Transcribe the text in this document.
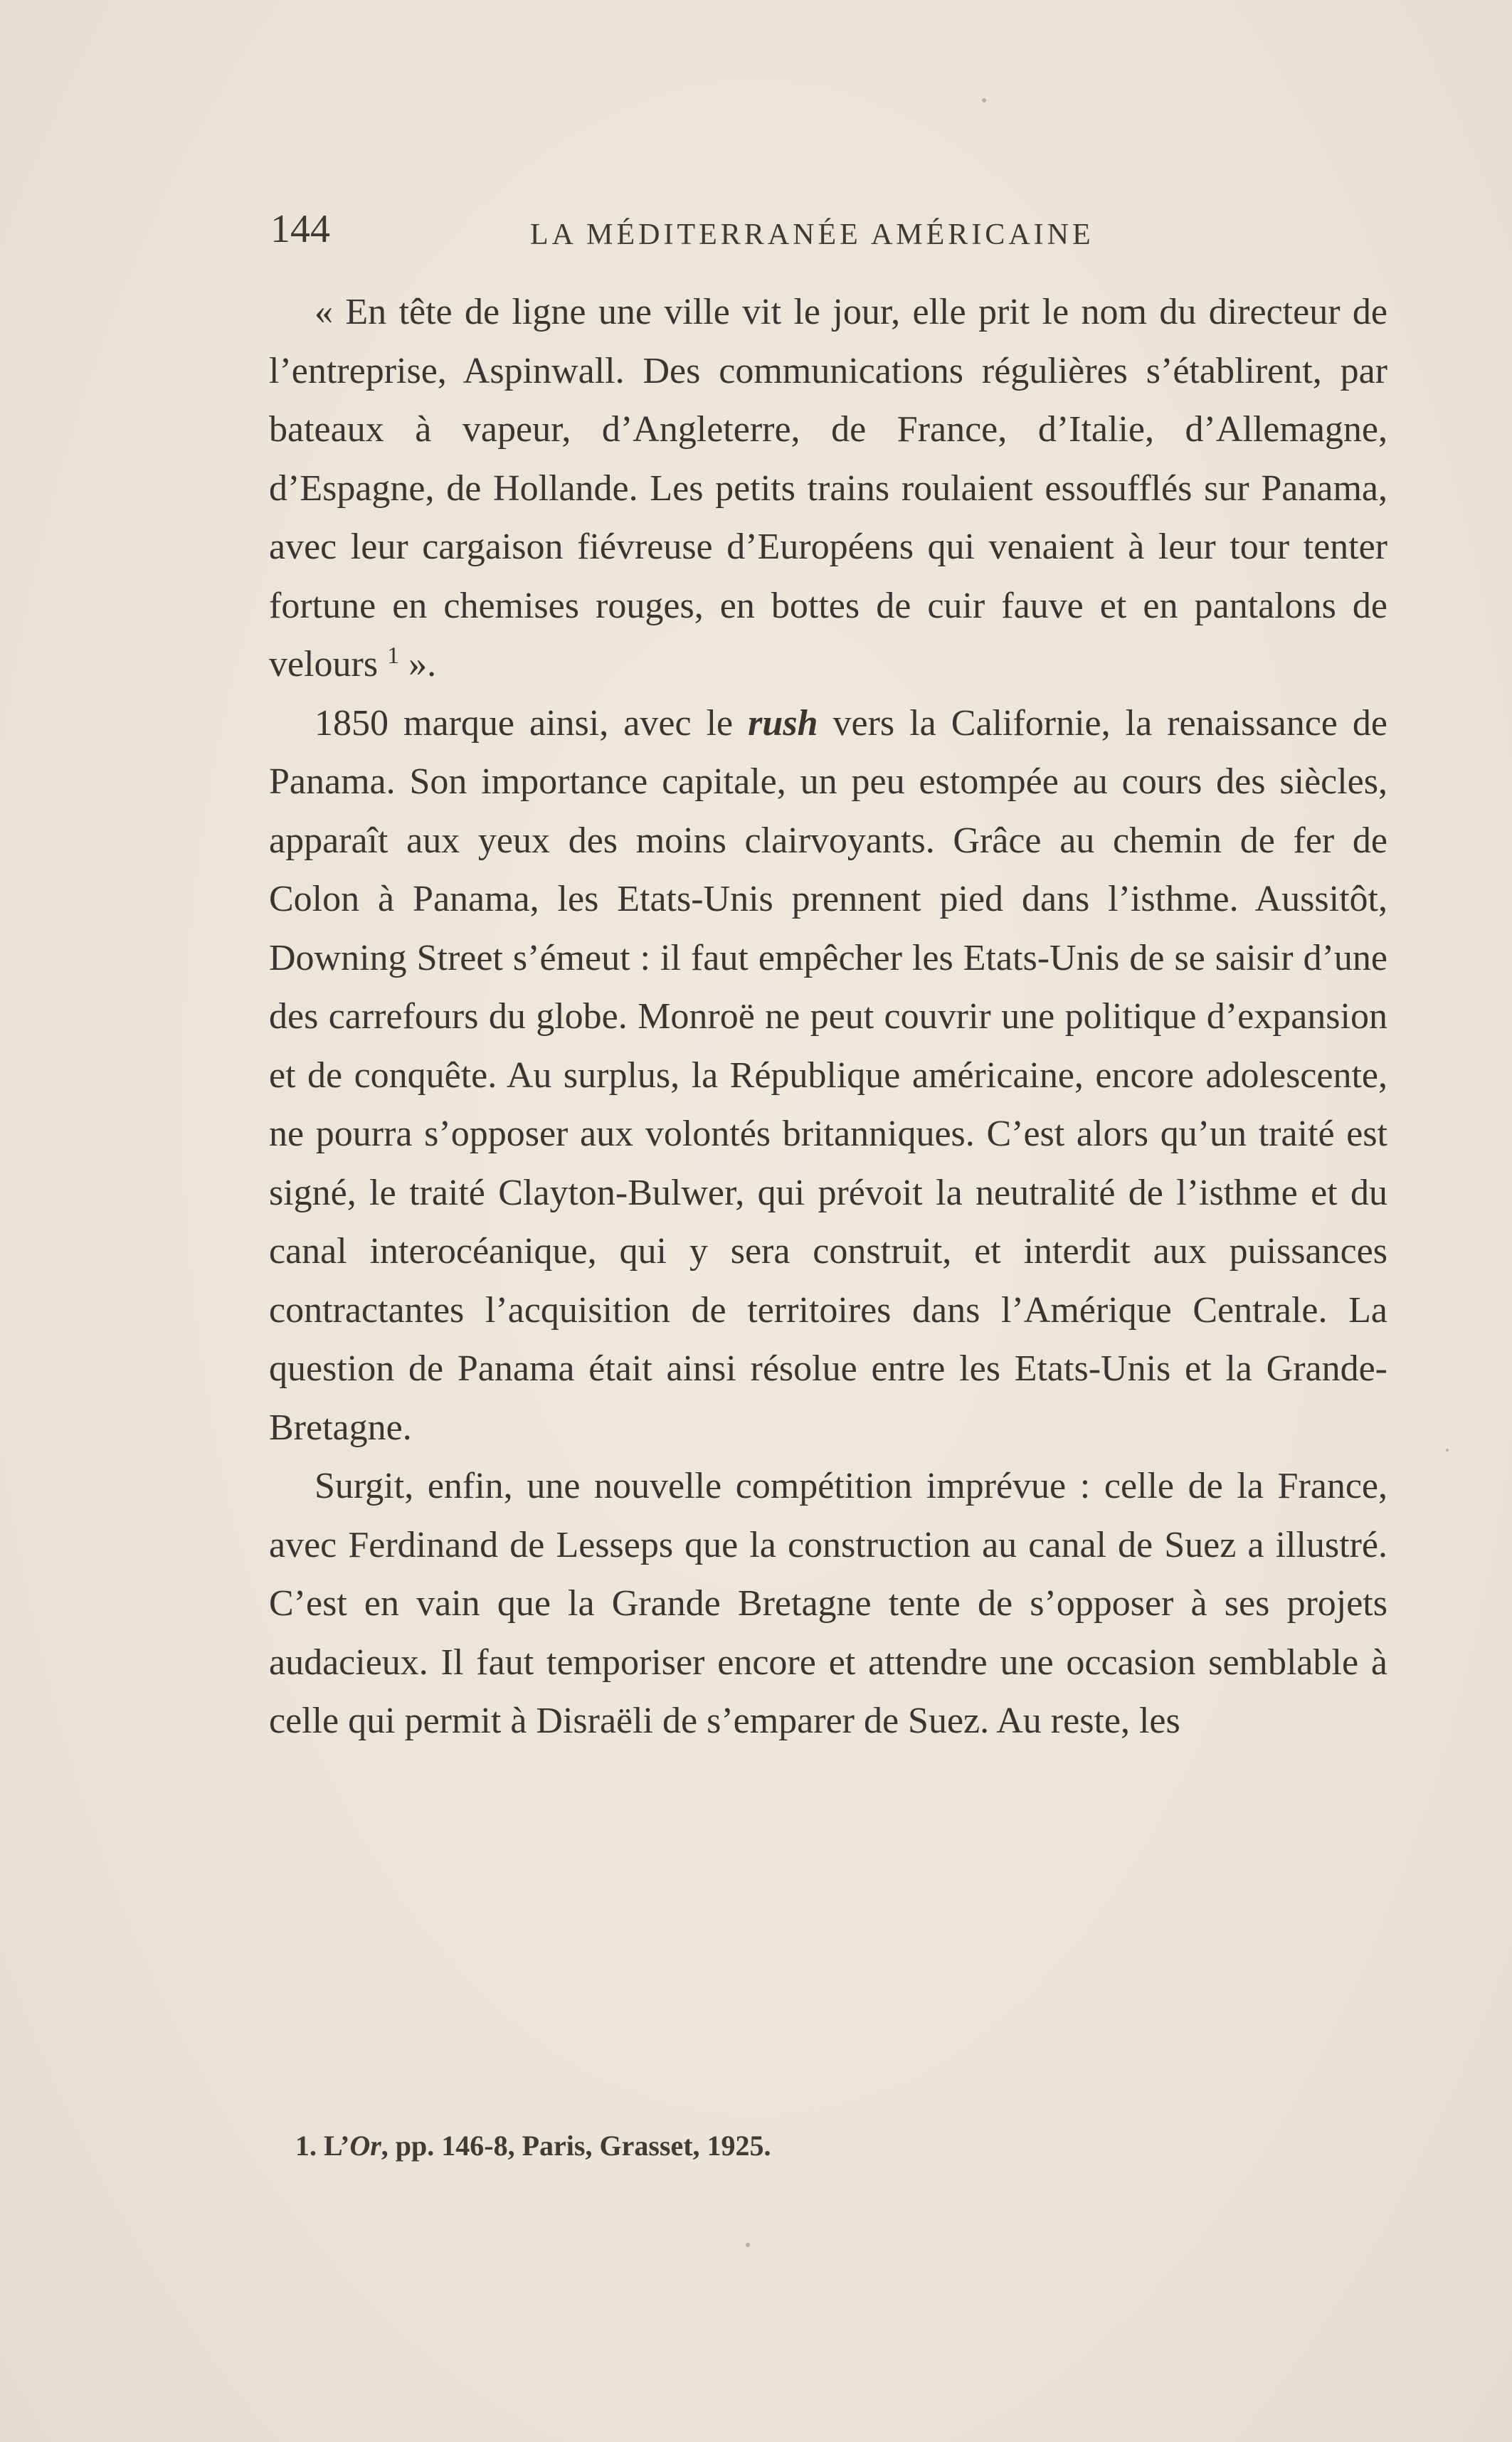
144	LA MÉDITERRANÉE AMÉRICAINE

« En tête de ligne une ville vit le jour, elle prit le nom du directeur de l’entreprise, Aspinwall. Des communications régulières s’établirent, par bateaux à vapeur, d’Angleterre, de France, d’Italie, d’Allemagne, d’Espagne, de Hollande. Les petits trains roulaient essoufflés sur Panama, avec leur cargaison fiévreuse d’Européens qui venaient à leur tour tenter fortune en chemises rouges, en bottes de cuir fauve et en pantalons de velours $^1$ ».

1850 marque ainsi, avec le rush vers la Californie, la renaissance de Panama. Son importance capitale, un peu estompée au cours des siècles, apparaît aux yeux des moins clairvoyants. Grâce au chemin de fer de Colon à Panama, les Etats-Unis prennent pied dans l’isthme. Aussitôt, Downing Street s’émeut : il faut empêcher les Etats-Unis de se saisir d’une des carrefours du globe. Monroë ne peut couvrir une politique d’expansion et de conquête. Au surplus, la République américaine, encore adolescente, ne pourra s’opposer aux volontés britanniques. C’est alors qu’un traité est signé, le traité Clayton-Bulwer, qui prévoit la neutralité de l’isthme et du canal interocéanique, qui y sera construit, et interdit aux puissances contractantes l’acquisition de territoires dans l’Amérique Centrale. La question de Panama était ainsi résolue entre les Etats-Unis et la Grande-Bretagne.

Surgit, enfin, une nouvelle compétition imprévue : celle de la France, avec Ferdinand de Lesseps que la construction au canal de Suez a illustré. C’est en vain que la Grande Bretagne tente de s’opposer à ses projets audacieux. Il faut temporiser encore et attendre une occasion semblable à celle qui permit à Disraëli de s’emparer de Suez. Au reste, les

1. L’Or, pp. 146-8, Paris, Grasset, 1925.
